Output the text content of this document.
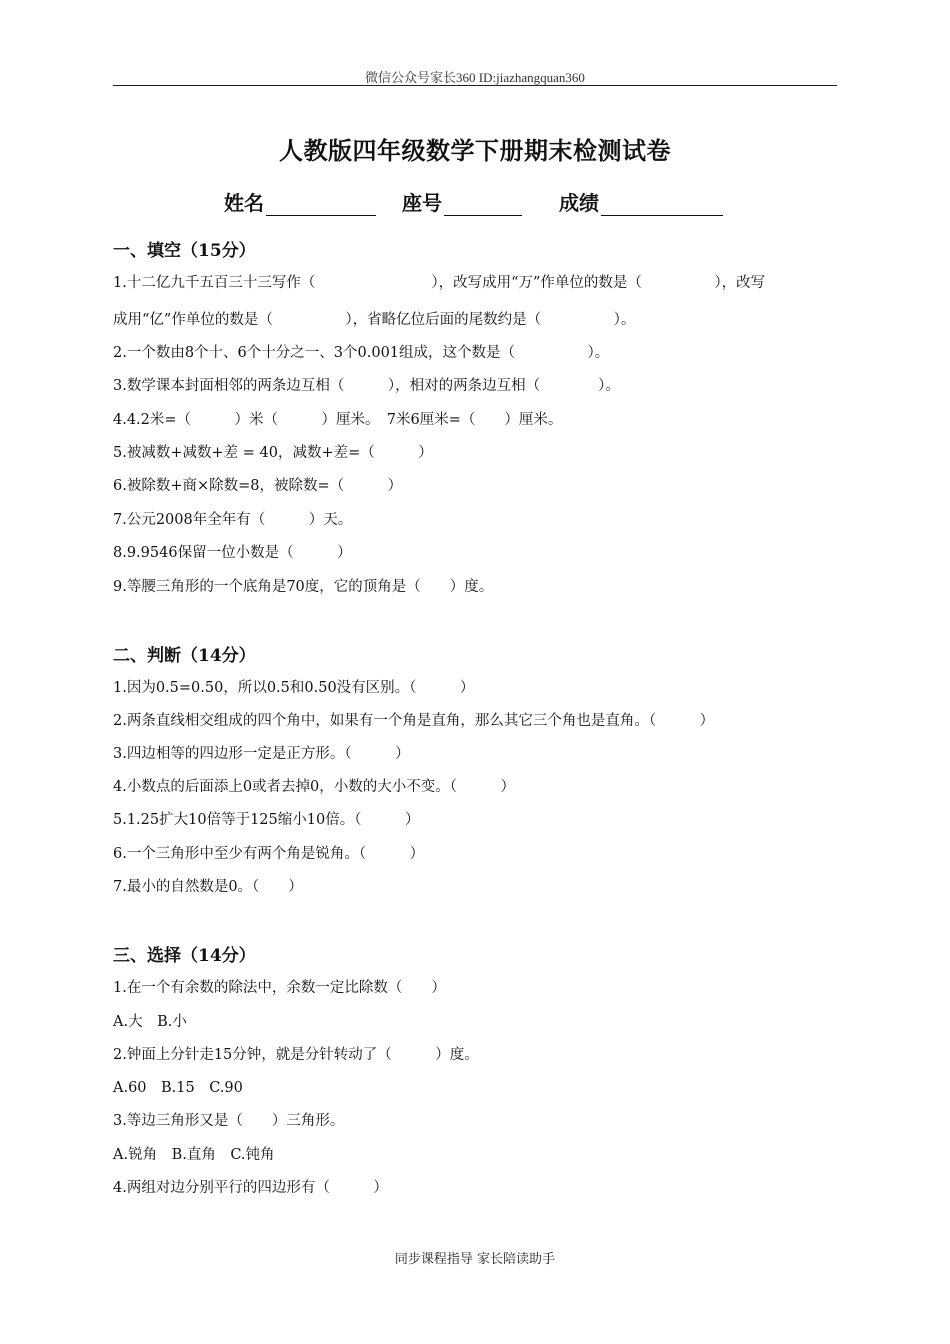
微信公众号家长360 ID:jiazhangquan360
人教版四年级数学下册期末检测试卷
姓名	座号	成绩
一、填空（15分）
1.十二亿九千五百三十三写作（　　　　　　　　），改写成用“万”作单位的数是（　　　　　），改写
成用“亿”作单位的数是（　　　　　），省略亿位后面的尾数约是（　　　　　）。
2.一个数由8个十、6个十分之一、3个0.001组成，这个数是（　　　　　）。
3.数学课本封面相邻的两条边互相（　　　），相对的两条边互相（　　　　）。
4.4.2米=（　　　）米（　　　）厘米。　7米6厘米=（　　）厘米。
5.被减数+减数+差 = 40，减数+差=（　　　）
6.被除数+商×除数=8，被除数=（　　　）
7.公元2008年全年有（　　　）天。
8.9.9546保留一位小数是（　　　）
9.等腰三角形的一个底角是70度，它的顶角是（　　）度。
二、判断（14分）
1.因为0.5=0.50，所以0.5和0.50没有区别。（　　　）
2.两条直线相交组成的四个角中，如果有一个角是直角，那么其它三个角也是直角。（　　　）
3.四边相等的四边形一定是正方形。（　　　）
4.小数点的后面添上0或者去掉0，小数的大小不变。（　　　）
5.1.25扩大10倍等于125缩小10倍。（　　　）
6.一个三角形中至少有两个角是锐角。（　　　）
7.最小的自然数是0。（　　）
三、选择（14分）
1.在一个有余数的除法中，余数一定比除数（　　）
A.大　B.小
2.钟面上分针走15分钟，就是分针转动了（　　　）度。
A.60　B.15　C.90
3.等边三角形又是（　　）三角形。
A.锐角　B.直角　C.钝角
4.两组对边分别平行的四边形有（　　　）
同步课程指导 家长陪读助手
